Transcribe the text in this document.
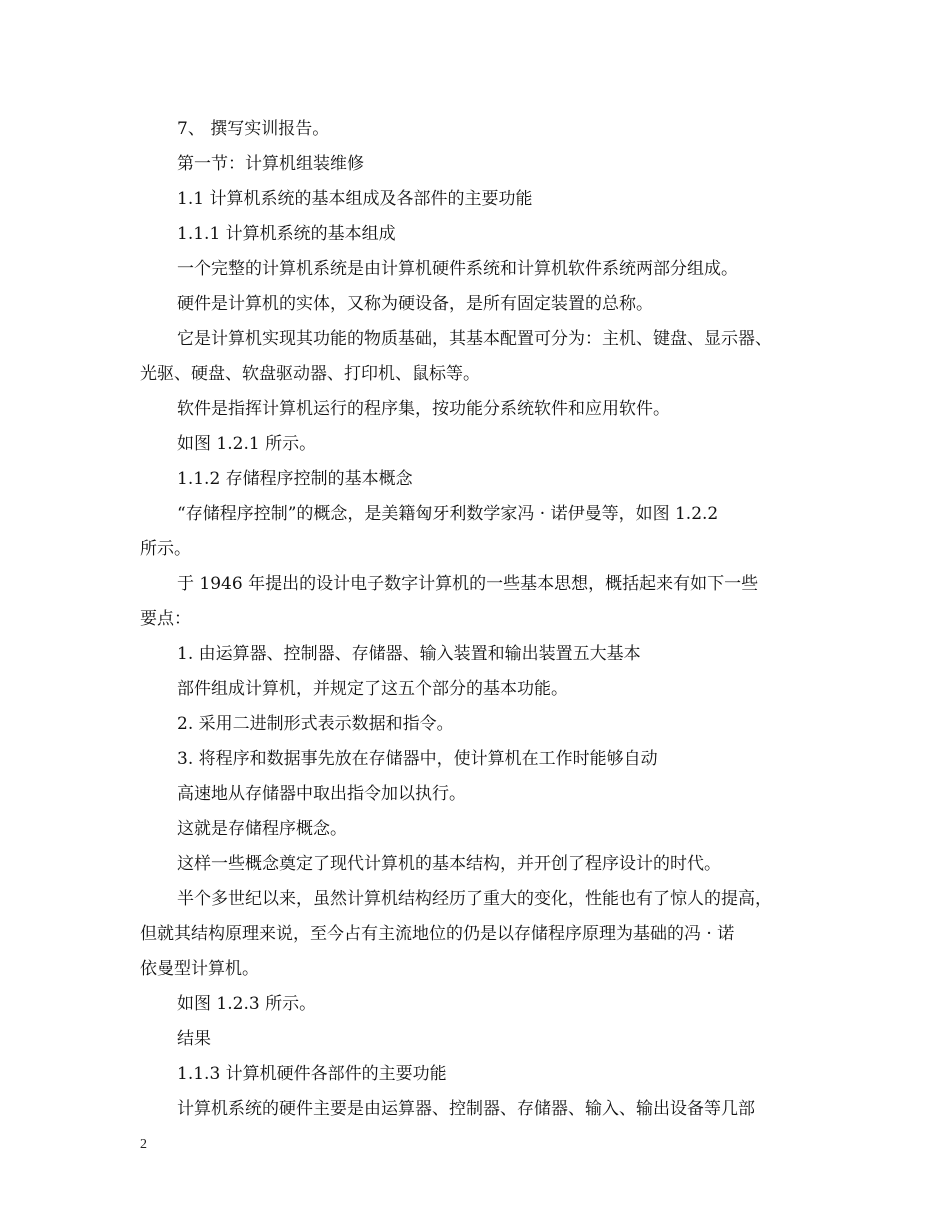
7、 撰写实训报告。
第一节：计算机组装维修
1.1 计算机系统的基本组成及各部件的主要功能
1.1.1 计算机系统的基本组成
一个完整的计算机系统是由计算机硬件系统和计算机软件系统两部分组成。
硬件是计算机的实体，又称为硬设备，是所有固定装置的总称。
它是计算机实现其功能的物质基础，其基本配置可分为：主机、键盘、显示器、
光驱、硬盘、软盘驱动器、打印机、鼠标等。
软件是指挥计算机运行的程序集，按功能分系统软件和应用软件。
如图 1.2.1 所示。
1.1.2 存储程序控制的基本概念
“存储程序控制”的概念，是美籍匈牙利数学家冯 · 诺伊曼等，如图 1.2.2
所示。
于 1946 年提出的设计电子数字计算机的一些基本思想，概括起来有如下一些
要点：
1. 由运算器、控制器、存储器、输入装置和输出装置五大基本
部件组成计算机，并规定了这五个部分的基本功能。
2. 采用二进制形式表示数据和指令。
3. 将程序和数据事先放在存储器中，使计算机在工作时能够自动
高速地从存储器中取出指令加以执行。
这就是存储程序概念。
这样一些概念奠定了现代计算机的基本结构，并开创了程序设计的时代。
半个多世纪以来，虽然计算机结构经历了重大的变化，性能也有了惊人的提高，
但就其结构原理来说，至今占有主流地位的仍是以存储程序原理为基础的冯 · 诺
依曼型计算机。
如图 1.2.3 所示。
结果
1.1.3 计算机硬件各部件的主要功能
计算机系统的硬件主要是由运算器、控制器、存储器、输入、输出设备等几部
2
